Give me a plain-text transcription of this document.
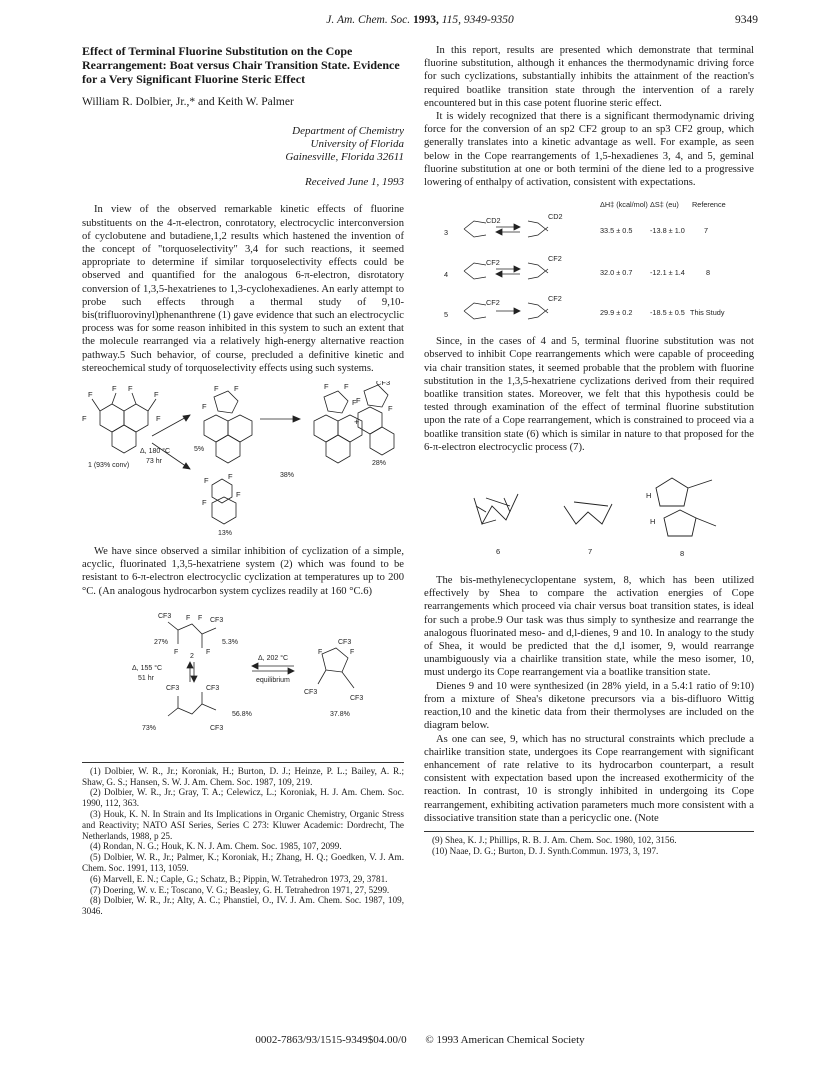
J. Am. Chem. Soc. 1993, 115, 9349-9350	9349
Effect of Terminal Fluorine Substitution on the Cope Rearrangement: Boat versus Chair Transition State. Evidence for a Very Significant Fluorine Steric Effect
William R. Dolbier, Jr.,* and Keith W. Palmer
Department of Chemistry
University of Florida
Gainesville, Florida 32611
Received June 1, 1993

In view of the observed remarkable kinetic effects of fluorine substituents on the 4-π-electron, conrotatory, electrocyclic interconversion of cyclobutene and butadiene,1,2 results which hastened the invention of the concept of "torquoselectivity" 3,4 for such reactions, it seemed appropriate to determine if similar torquoselectivity effects could be observed and quantified for the analogous 6-π-electron, disrotatory conversion of 1,3,5-hexatrienes to 1,3-cyclohexadienes. An early attempt to probe such effects through a thermal study of 9,10-bis(trifluorovinyl)phenanthrene (1) gave evidence that such an electrocyclic process was for some reason inhibited in this system to such an extent that the molecule rearranged via a relatively high-energy alternative reaction pathway.5 Such behavior, of course, precluded a definitive kinetic and stereochemical study of torquoselectivity effects using such systems.

F
F F
F
F	F
F F
F
F F
F F
F
F	F
F
F
CF3
1 (93% conv)
Δ, 180 °C
73 hr
5%
38%
28%
13%
+

We have since observed a similar inhibition of cyclization of a simple, acyclic, fluorinated 1,3,5-hexatriene system (2) which was found to be resistant to 6-π-electron electrocyclic cyclization at temperatures up to 200 °C. (An analogous hydrocarbon system cyclizes readily at 160 °C.6)

CF3
CF3
F	F
F F
27%
2
5.3%
Δ, 155 °C
51 hr
Δ, 202 °C
equilibrium
CF3	CF3
56.8%
73%	CF3
CF3
CF3
CF3
F	F
37.8%
(1) Dolbier, W. R., Jr.; Koroniak, H.; Burton, D. J.; Heinze, P. L.; Bailey, A. R.; Shaw, G. S.; Hansen, S. W. J. Am. Chem. Soc. 1987, 109, 219.
(2) Dolbier, W. R., Jr.; Gray, T. A.; Celewicz, L.; Koroniak, H. J. Am. Chem. Soc. 1990, 112, 363.
(3) Houk, K. N. In Strain and Its Implications in Organic Chemistry, Organic Stress and Reactivity; NATO ASI Series, Series C 273: Kluwer Academic: Dordrecht, The Netherlands, 1988, p 25.
(4) Rondan, N. G.; Houk, K. N. J. Am. Chem. Soc. 1985, 107, 2099.
(5) Dolbier, W. R., Jr.; Palmer, K.; Koroniak, H.; Zhang, H. Q.; Goedken, V. J. Am. Chem. Soc. 1991, 113, 1059.
(6) Marvell, E. N.; Caple, G.; Schatz, B.; Pippin, W. Tetrahedron 1973, 29, 3781.
(7) Doering, W. v. E.; Toscano, V. G.; Beasley, G. H. Tetrahedron 1971, 27, 5299.
(8) Dolbier, W. R., Jr.; Alty, A. C.; Phanstiel, O., IV. J. Am. Chem. Soc. 1987, 109, 3046.

In this report, results are presented which demonstrate that terminal fluorine substitution, although it enhances the thermodynamic driving force for such cyclizations, substantially inhibits the attainment of the reaction's required boatlike transition state through the intervention of a rarely encountered but in this case potent fluorine steric effect.

It is widely recognized that there is a significant thermodynamic driving force for the conversion of an sp2 CF2 group to an sp3 CF2 group, which generally translates into a kinetic advantage as well. For example, as seen below in the Cope rearrangements of 1,5-hexadienes 3, 4, and 5, geminal fluorine substitution at one or both termini of the diene led to a progressive lowering of enthalpy of activation, consistent with expectations.

ΔH‡ (kcal/mol) ΔS‡ (eu) Reference
3
CD2	CD2
33.5 ± 0.5 -13.8 ± 1.0	7
4
CF2	CF2
32.0 ± 0.7 -12.1 ± 1.4	8
5
CF2	CF2
29.9 ± 0.2 -18.5 ± 0.5 This Study

Since, in the cases of 4 and 5, terminal fluorine substitution was not observed to inhibit Cope rearrangements which were capable of proceeding via chair transition states, it seemed probable that the problem with fluorine substitution in the 1,3,5-hexatriene cyclizations derived from their required boatlike transition states. Moreover, we felt that this hypothesis could be tested through examination of the effect of terminal fluorine substitution upon the rate of a Cope rearrangement, which is constrained to proceed via a boatlike transition state (6) which is similar in nature to that proposed for the 6-π-electron electrocyclic process (7).

H
H
6	7	8

The bis-methylenecyclopentane system, 8, which has been utilized effectively by Shea to compare the activation energies of Cope rearrangements which proceed via chair versus boat transition states, is ideal for such a probe.9 Our task was thus simply to synthesize and rearrange the analogous fluorinated meso- and d,l-dienes, 9 and 10. In analogy to the study of Shea, it would be predicted that the d,l isomer, 9, would rearrange unambiguously via a chairlike transition state, while the meso isomer, 10, must undergo its Cope rearrangement via a boatlike transition state.

Dienes 9 and 10 were synthesized (in 28% yield, in a 5.4:1 ratio of 9:10) from a mixture of Shea's diketone precursors via a bis-difluoro Wittig reaction,10 and the kinetic data from their thermolyses are included on the diagram below.

As one can see, 9, which has no structural constraints which preclude a chairlike transition state, undergoes its Cope rearrangement with significant enhancement of rate relative to its hydrocarbon counterpart, a result consistent with expectation based upon the increased exothermicity of the reaction. In contrast, 10 is strongly inhibited in undergoing its Cope rearrangement, exhibiting activation parameters much more consistent with a dissociative transition state than a pericyclic one. (Note

(9) Shea, K. J.; Phillips, R. B. J. Am. Chem. Soc. 1980, 102, 3156.
(10) Naae, D. G.; Burton, D. J. Synth.Commun. 1973, 3, 197.
0002-7863/93/1515-9349$04.00/0 © 1993 American Chemical Society
